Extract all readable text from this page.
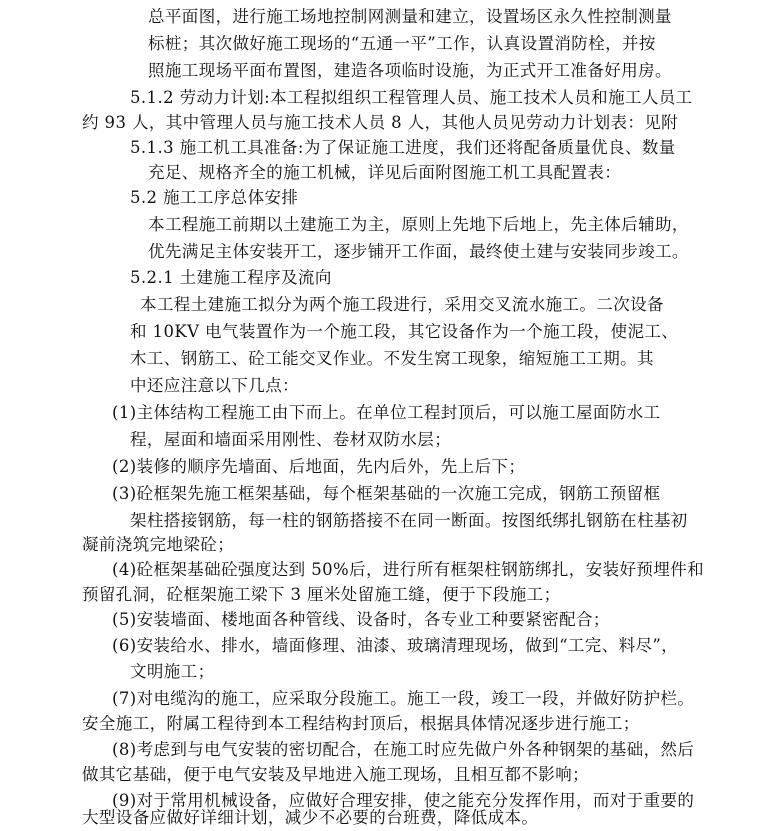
总平面图，进行施工场地控制网测量和建立，设置场区永久性控制测量
标桩；其次做好施工现场的“五通一平”工作，认真设置消防栓，并按
照施工现场平面布置图，建造各项临时设施，为正式开工准备好用房。
5.1.2 劳动力计划:本工程拟组织工程管理人员、施工技术人员和施工人员工
约 93 人，其中管理人员与施工技术人员 8 人，其他人员见劳动力计划表：见附
5.1.3 施工机工具准备:为了保证施工进度，我们还将配备质量优良、数量
充足、规格齐全的施工机械，详见后面附图施工机工具配置表：
5.2 施工工序总体安排
本工程施工前期以土建施工为主，原则上先地下后地上，先主体后辅助，
优先满足主体安装开工，逐步铺开工作面，最终使土建与安装同步竣工。
5.2.1 土建施工程序及流向
本工程土建施工拟分为两个施工段进行，采用交叉流水施工。二次设备
和 10KV 电气装置作为一个施工段，其它设备作为一个施工段，使泥工、
木工、钢筋工、砼工能交叉作业。不发生窝工现象，缩短施工工期。其
中还应注意以下几点：
(1)主体结构工程施工由下而上。在单位工程封顶后，可以施工屋面防水工
程，屋面和墙面采用刚性、卷材双防水层；
(2)装修的顺序先墙面、后地面，先内后外，先上后下；
(3)砼框架先施工框架基础，每个框架基础的一次施工完成，钢筋工预留框
架柱搭接钢筋，每一柱的钢筋搭接不在同一断面。按图纸绑扎钢筋在柱基初
凝前浇筑完地梁砼；
(4)砼框架基础砼强度达到 50%后，进行所有框架柱钢筋绑扎，安装好预埋件和
预留孔洞，砼框架施工梁下 3 厘米处留施工缝，便于下段施工；
(5)安装墙面、楼地面各种管线、设备时，各专业工种要紧密配合；
(6)安装给水、排水，墙面修理、油漆、玻璃清理现场，做到“工完、料尽”，
文明施工；
(7)对电缆沟的施工，应采取分段施工。施工一段，竣工一段，并做好防护栏。
安全施工，附属工程待到本工程结构封顶后，根据具体情况逐步进行施工；
(8)考虑到与电气安装的密切配合，在施工时应先做户外各种钢架的基础，然后
做其它基础，便于电气安装及早地进入施工现场，且相互都不影响；
(9)对于常用机械设备，应做好合理安排，使之能充分发挥作用，而对于重要的
大型设备应做好详细计划，减少不必要的台班费，降低成本。
